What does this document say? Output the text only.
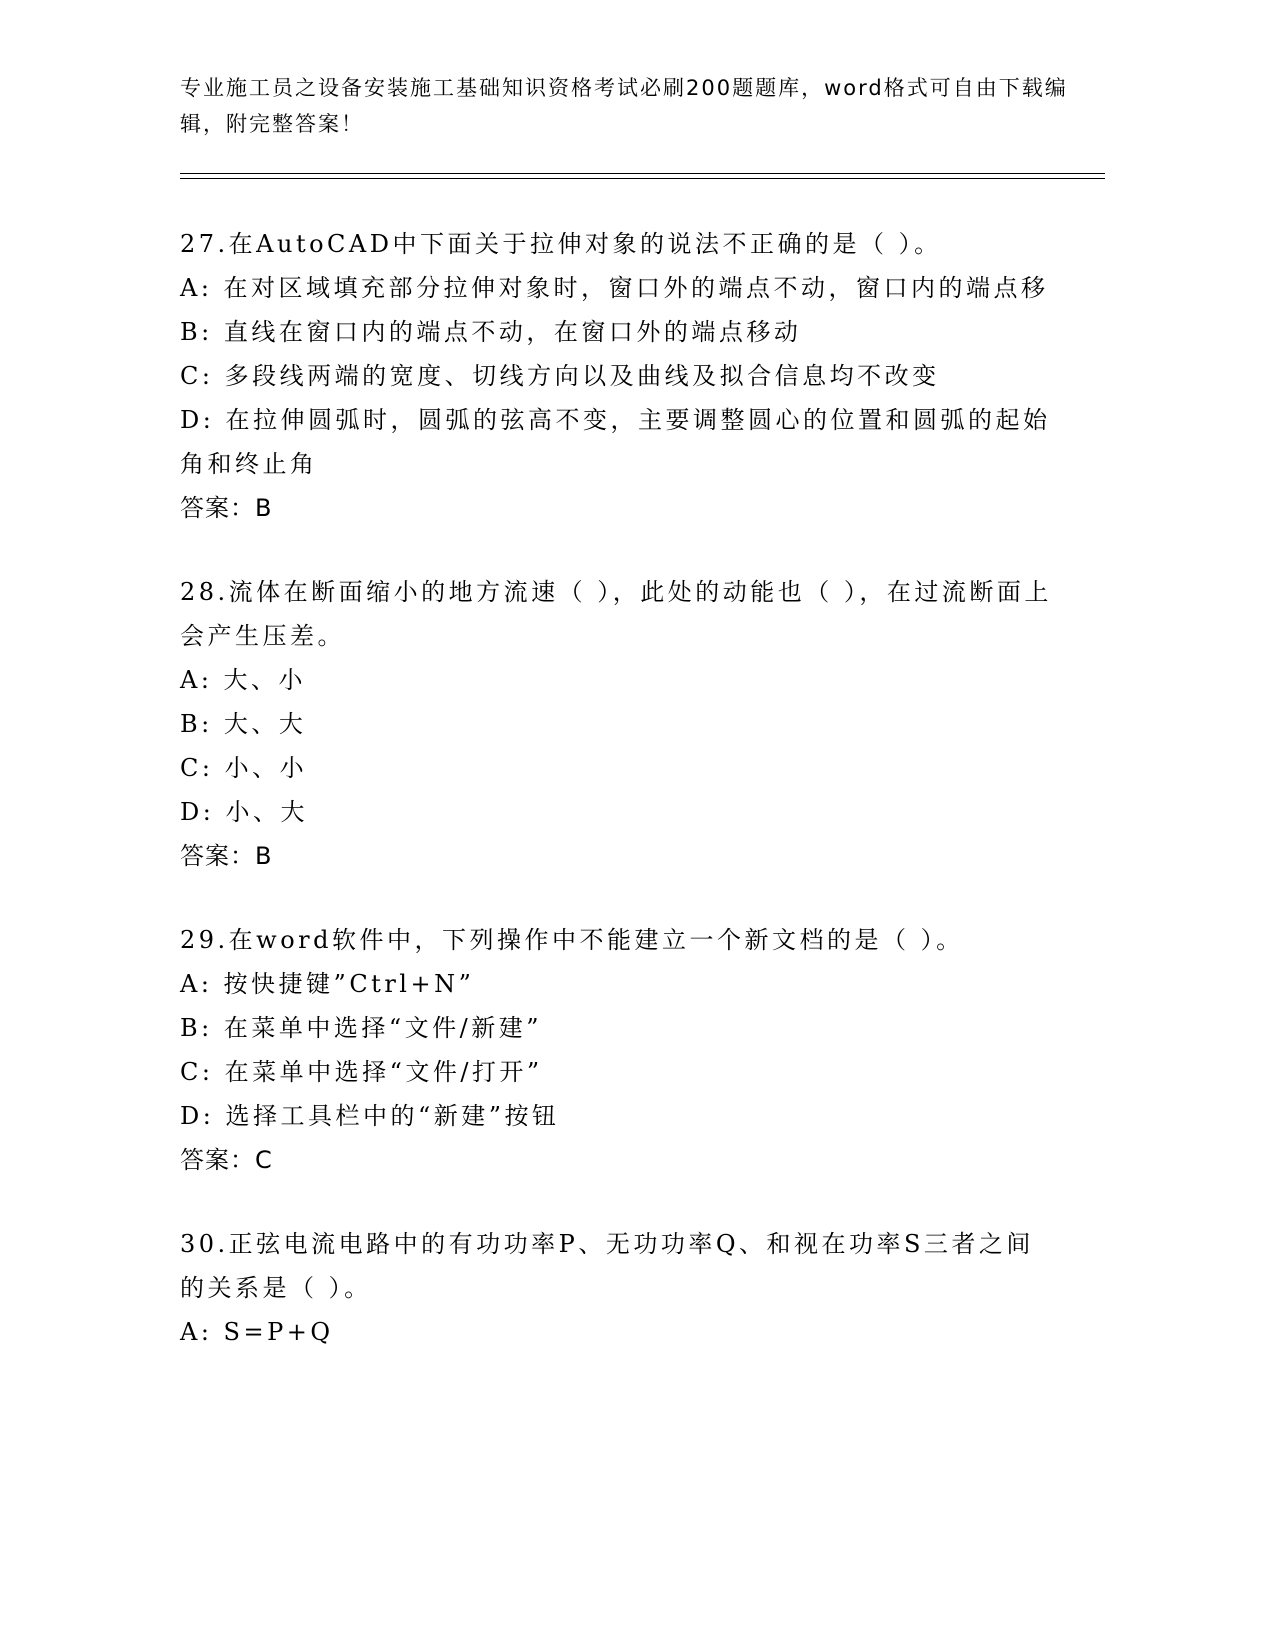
专业施工员之设备安装施工基础知识资格考试必刷200题题库，word格式可自由下载编辑，附完整答案！
27.在AutoCAD中下面关于拉伸对象的说法不正确的是（ ）。
A: 在对区域填充部分拉伸对象时，窗口外的端点不动，窗口内的端点移
B: 直线在窗口内的端点不动，在窗口外的端点移动
C: 多段线两端的宽度、切线方向以及曲线及拟合信息均不改变
D: 在拉伸圆弧时，圆弧的弦高不变，主要调整圆心的位置和圆弧的起始角和终止角
答案：B
28.流体在断面缩小的地方流速（ ），此处的动能也（ ），在过流断面上会产生压差。
A: 大、小
B: 大、大
C: 小、小
D: 小、大
答案：B
29.在word软件中，下列操作中不能建立一个新文档的是（ ）。
A: 按快捷键”Ctrl+N”
B: 在菜单中选择“文件/新建”
C: 在菜单中选择“文件/打开”
D: 选择工具栏中的“新建”按钮
答案：C
30.正弦电流电路中的有功功率P、无功功率Q、和视在功率S三者之间的关系是（ ）。
A: S=P+Q
